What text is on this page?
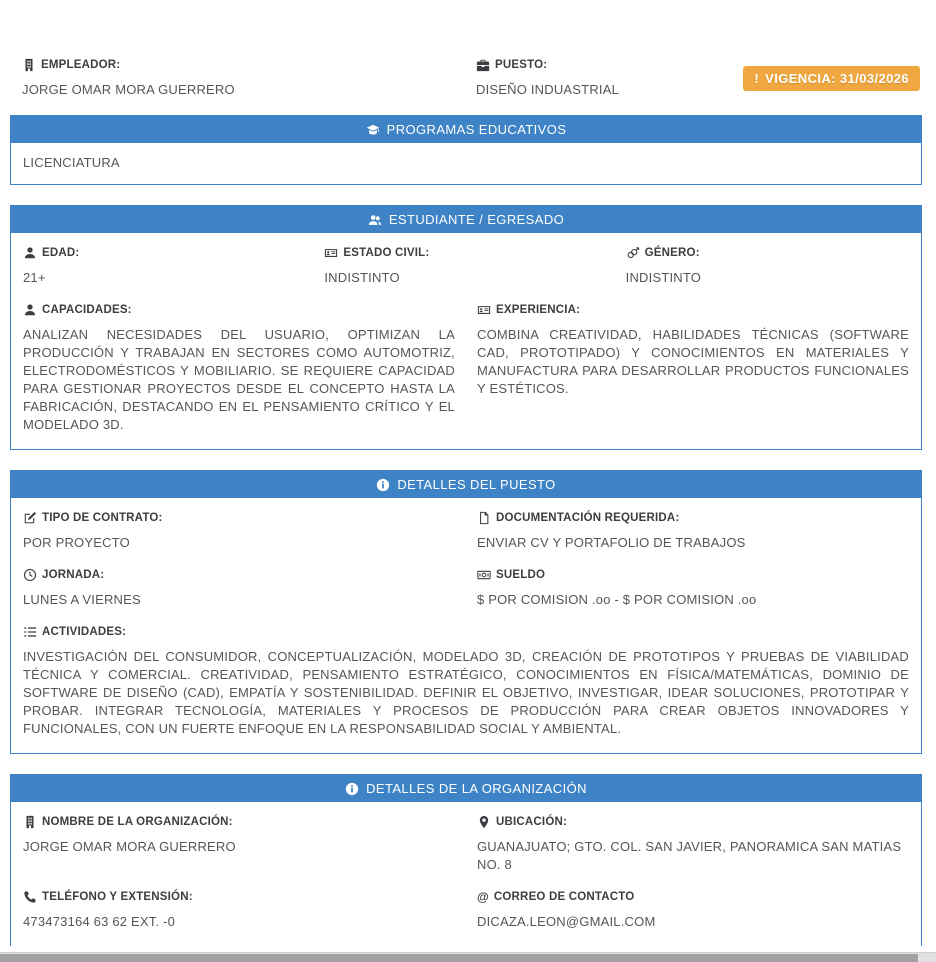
! VIGENCIA: 31/03/2026
EMPLEADOR:
JORGE OMAR MORA GUERRERO
PUESTO:
DISEÑO INDUASTRIAL
PROGRAMAS EDUCATIVOS
LICENCIATURA
ESTUDIANTE / EGRESADO
EDAD:
21+
ESTADO CIVIL:
INDISTINTO
GÉNERO:
INDISTINTO
CAPACIDADES:
ANALIZAN NECESIDADES DEL USUARIO, OPTIMIZAN LA PRODUCCIÓN Y TRABAJAN EN SECTORES COMO AUTOMOTRIZ, ELECTRODOMÉSTICOS Y MOBILIARIO. SE REQUIERE CAPACIDAD PARA GESTIONAR PROYECTOS DESDE EL CONCEPTO HASTA LA FABRICACIÓN, DESTACANDO EN EL PENSAMIENTO CRÍTICO Y EL MODELADO 3D.
EXPERIENCIA:
COMBINA CREATIVIDAD, HABILIDADES TÉCNICAS (SOFTWARE CAD, PROTOTIPADO) Y CONOCIMIENTOS EN MATERIALES Y MANUFACTURA PARA DESARROLLAR PRODUCTOS FUNCIONALES Y ESTÉTICOS.
DETALLES DEL PUESTO
TIPO DE CONTRATO:
POR PROYECTO
DOCUMENTACIÓN REQUERIDA:
ENVIAR CV Y PORTAFOLIO DE TRABAJOS
JORNADA:
LUNES A VIERNES
SUELDO
$ POR COMISION .oo - $ POR COMISION .oo
ACTIVIDADES:
INVESTIGACIÓN DEL CONSUMIDOR, CONCEPTUALIZACIÓN, MODELADO 3D, CREACIÓN DE PROTOTIPOS Y PRUEBAS DE VIABILIDAD TÉCNICA Y COMERCIAL. CREATIVIDAD, PENSAMIENTO ESTRATÉGICO, CONOCIMIENTOS EN FÍSICA/MATEMÁTICAS, DOMINIO DE SOFTWARE DE DISEÑO (CAD), EMPATÍA Y SOSTENIBILIDAD. DEFINIR EL OBJETIVO, INVESTIGAR, IDEAR SOLUCIONES, PROTOTIPAR Y PROBAR. INTEGRAR TECNOLOGÍA, MATERIALES Y PROCESOS DE PRODUCCIÓN PARA CREAR OBJETOS INNOVADORES Y FUNCIONALES, CON UN FUERTE ENFOQUE EN LA RESPONSABILIDAD SOCIAL Y AMBIENTAL.
DETALLES DE LA ORGANIZACIÓN
NOMBRE DE LA ORGANIZACIÓN:
JORGE OMAR MORA GUERRERO
UBICACIÓN:
GUANAJUATO; GTO. COL. SAN JAVIER, PANORAMICA SAN MATIAS NO. 8
TELÉFONO Y EXTENSIÓN:
473473164 63 62 EXT. -0
@ CORREO DE CONTACTO
DICAZA.LEON@GMAIL.COM
